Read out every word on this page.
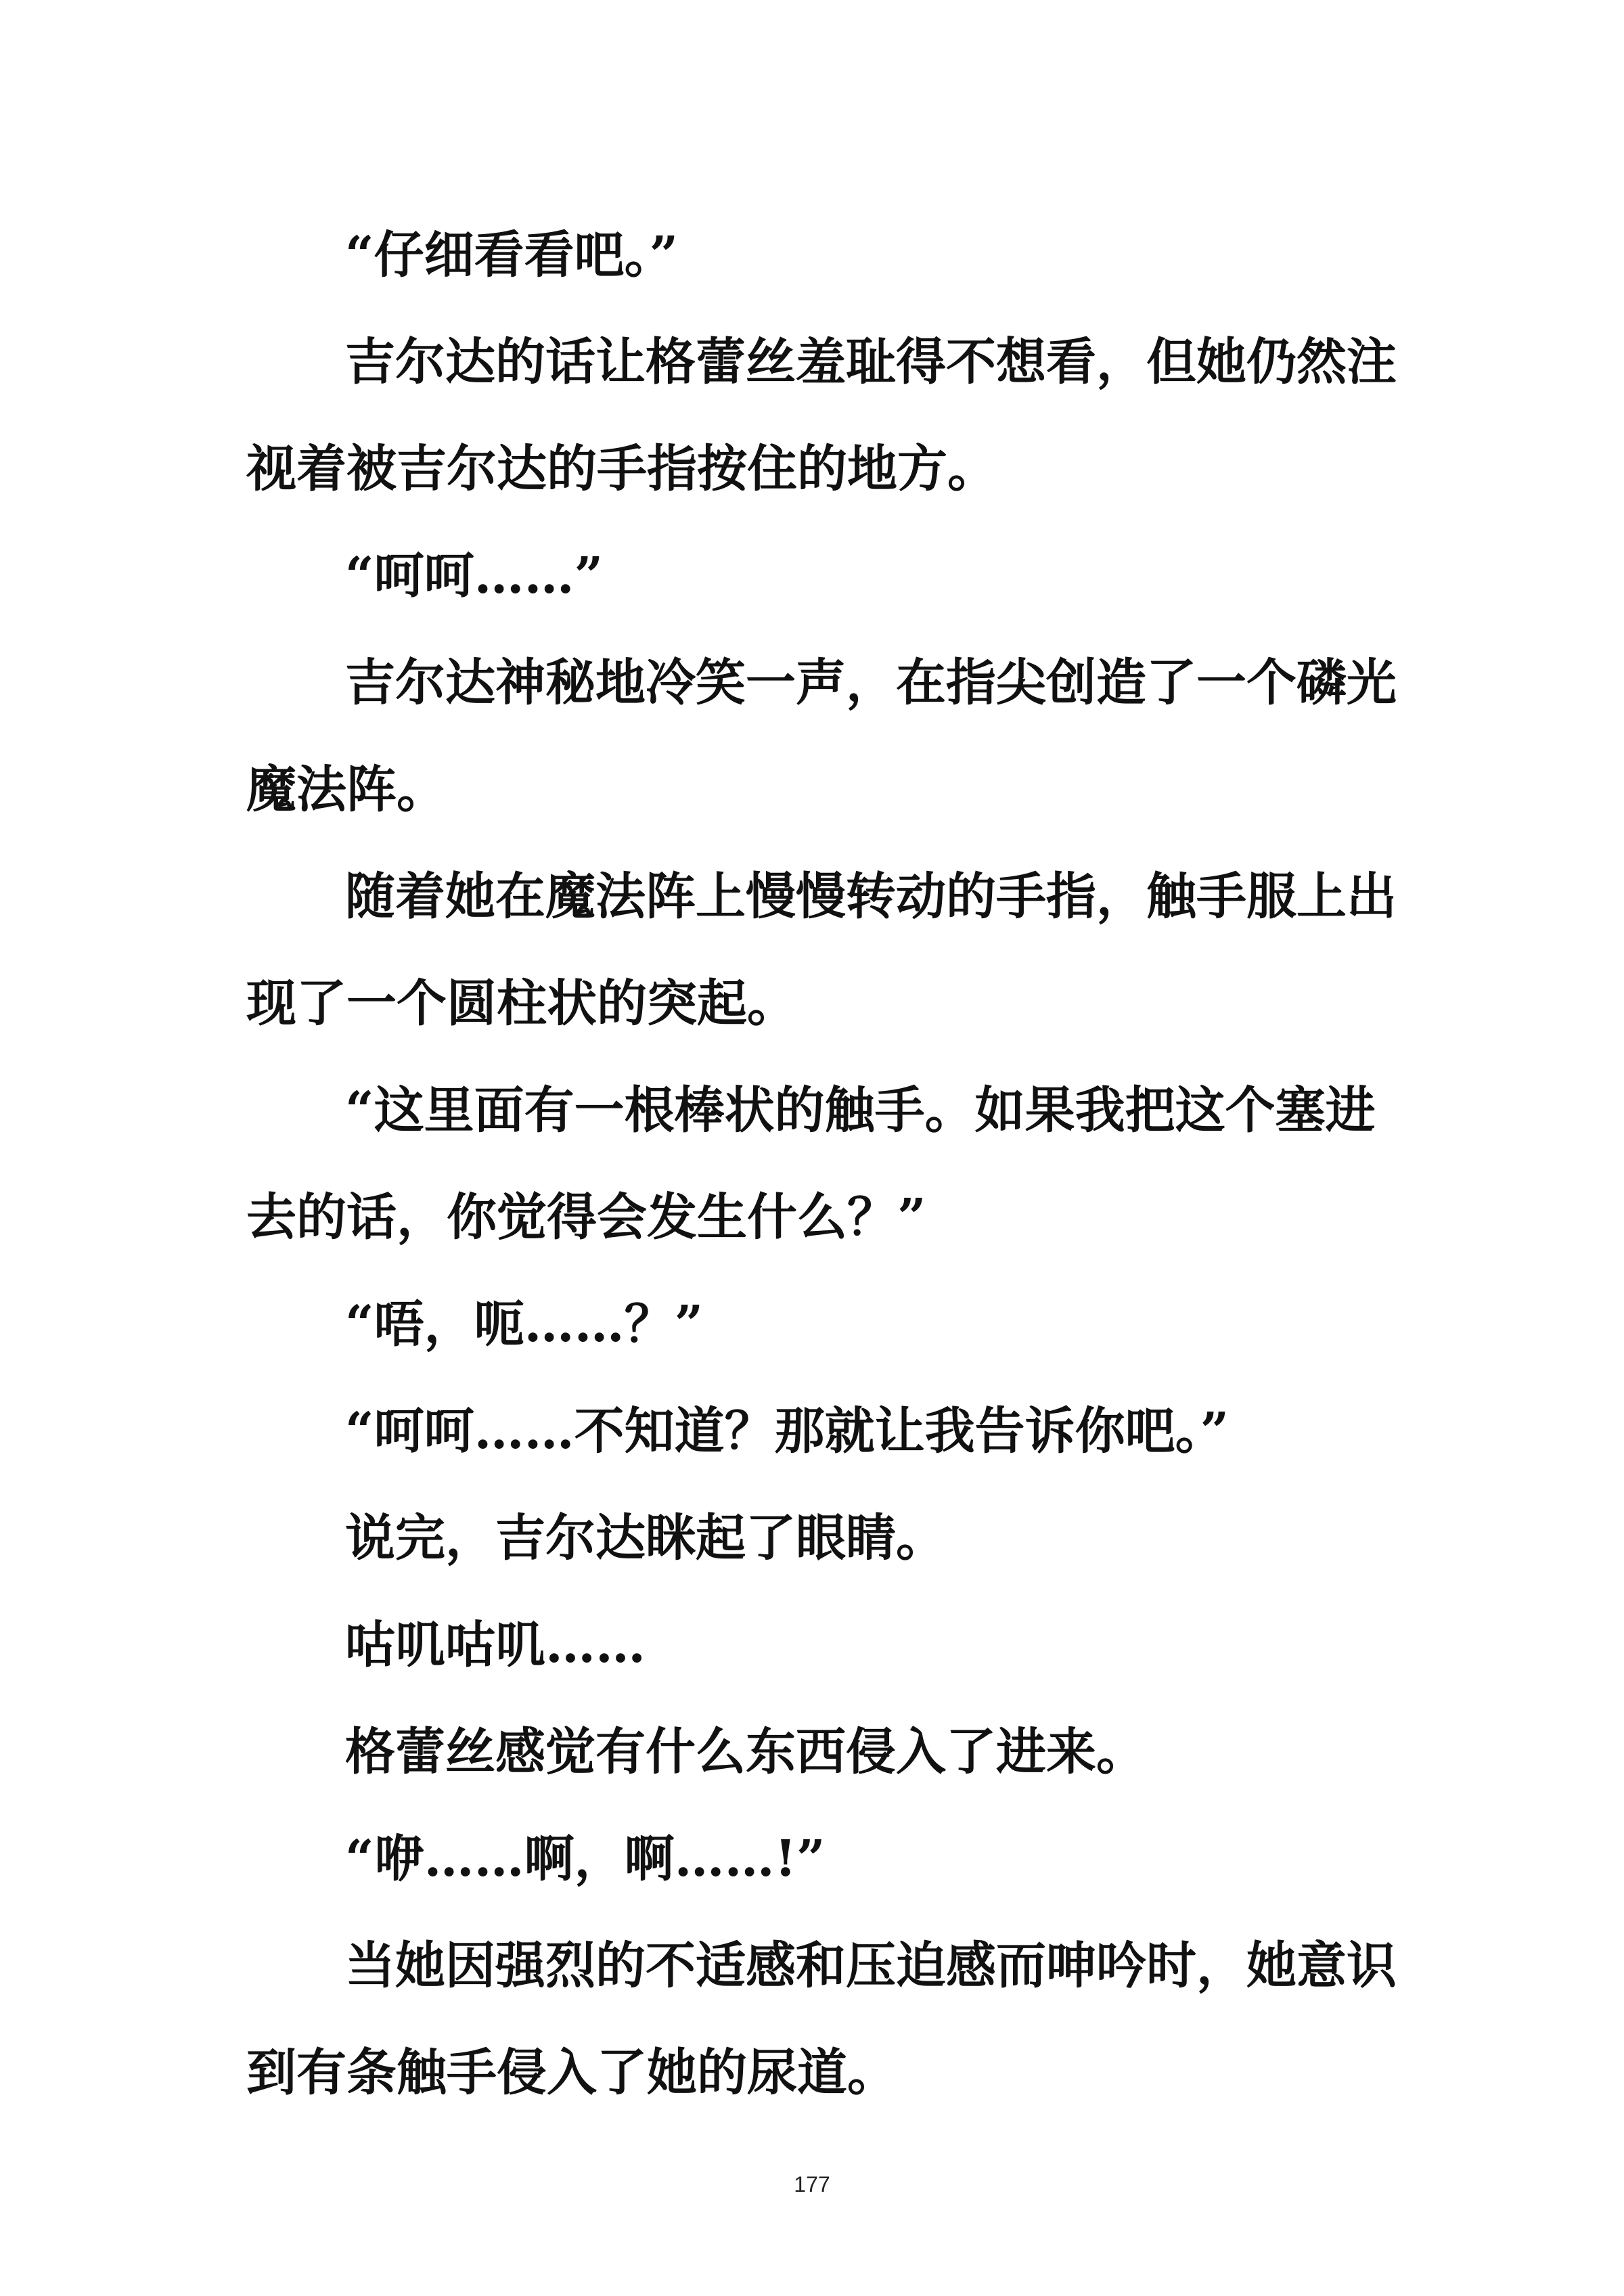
“仔细看看吧。”
吉尔达的话让格蕾丝羞耻得不想看，但她仍然注
视着被吉尔达的手指按住的地方。
“呵呵……”
吉尔达神秘地冷笑一声，在指尖创造了一个磷光
魔法阵。
随着她在魔法阵上慢慢转动的手指，触手服上出
现了一个圆柱状的突起。
“这里面有一根棒状的触手。如果我把这个塞进
去的话，你觉得会发生什么？”
“唔，呃……？”
“呵呵……不知道？那就让我告诉你吧。”
说完，吉尔达眯起了眼睛。
咕叽咕叽……
格蕾丝感觉有什么东西侵入了进来。
“咿……啊，啊……!”
当她因强烈的不适感和压迫感而呻吟时，她意识
到有条触手侵入了她的尿道。
177
